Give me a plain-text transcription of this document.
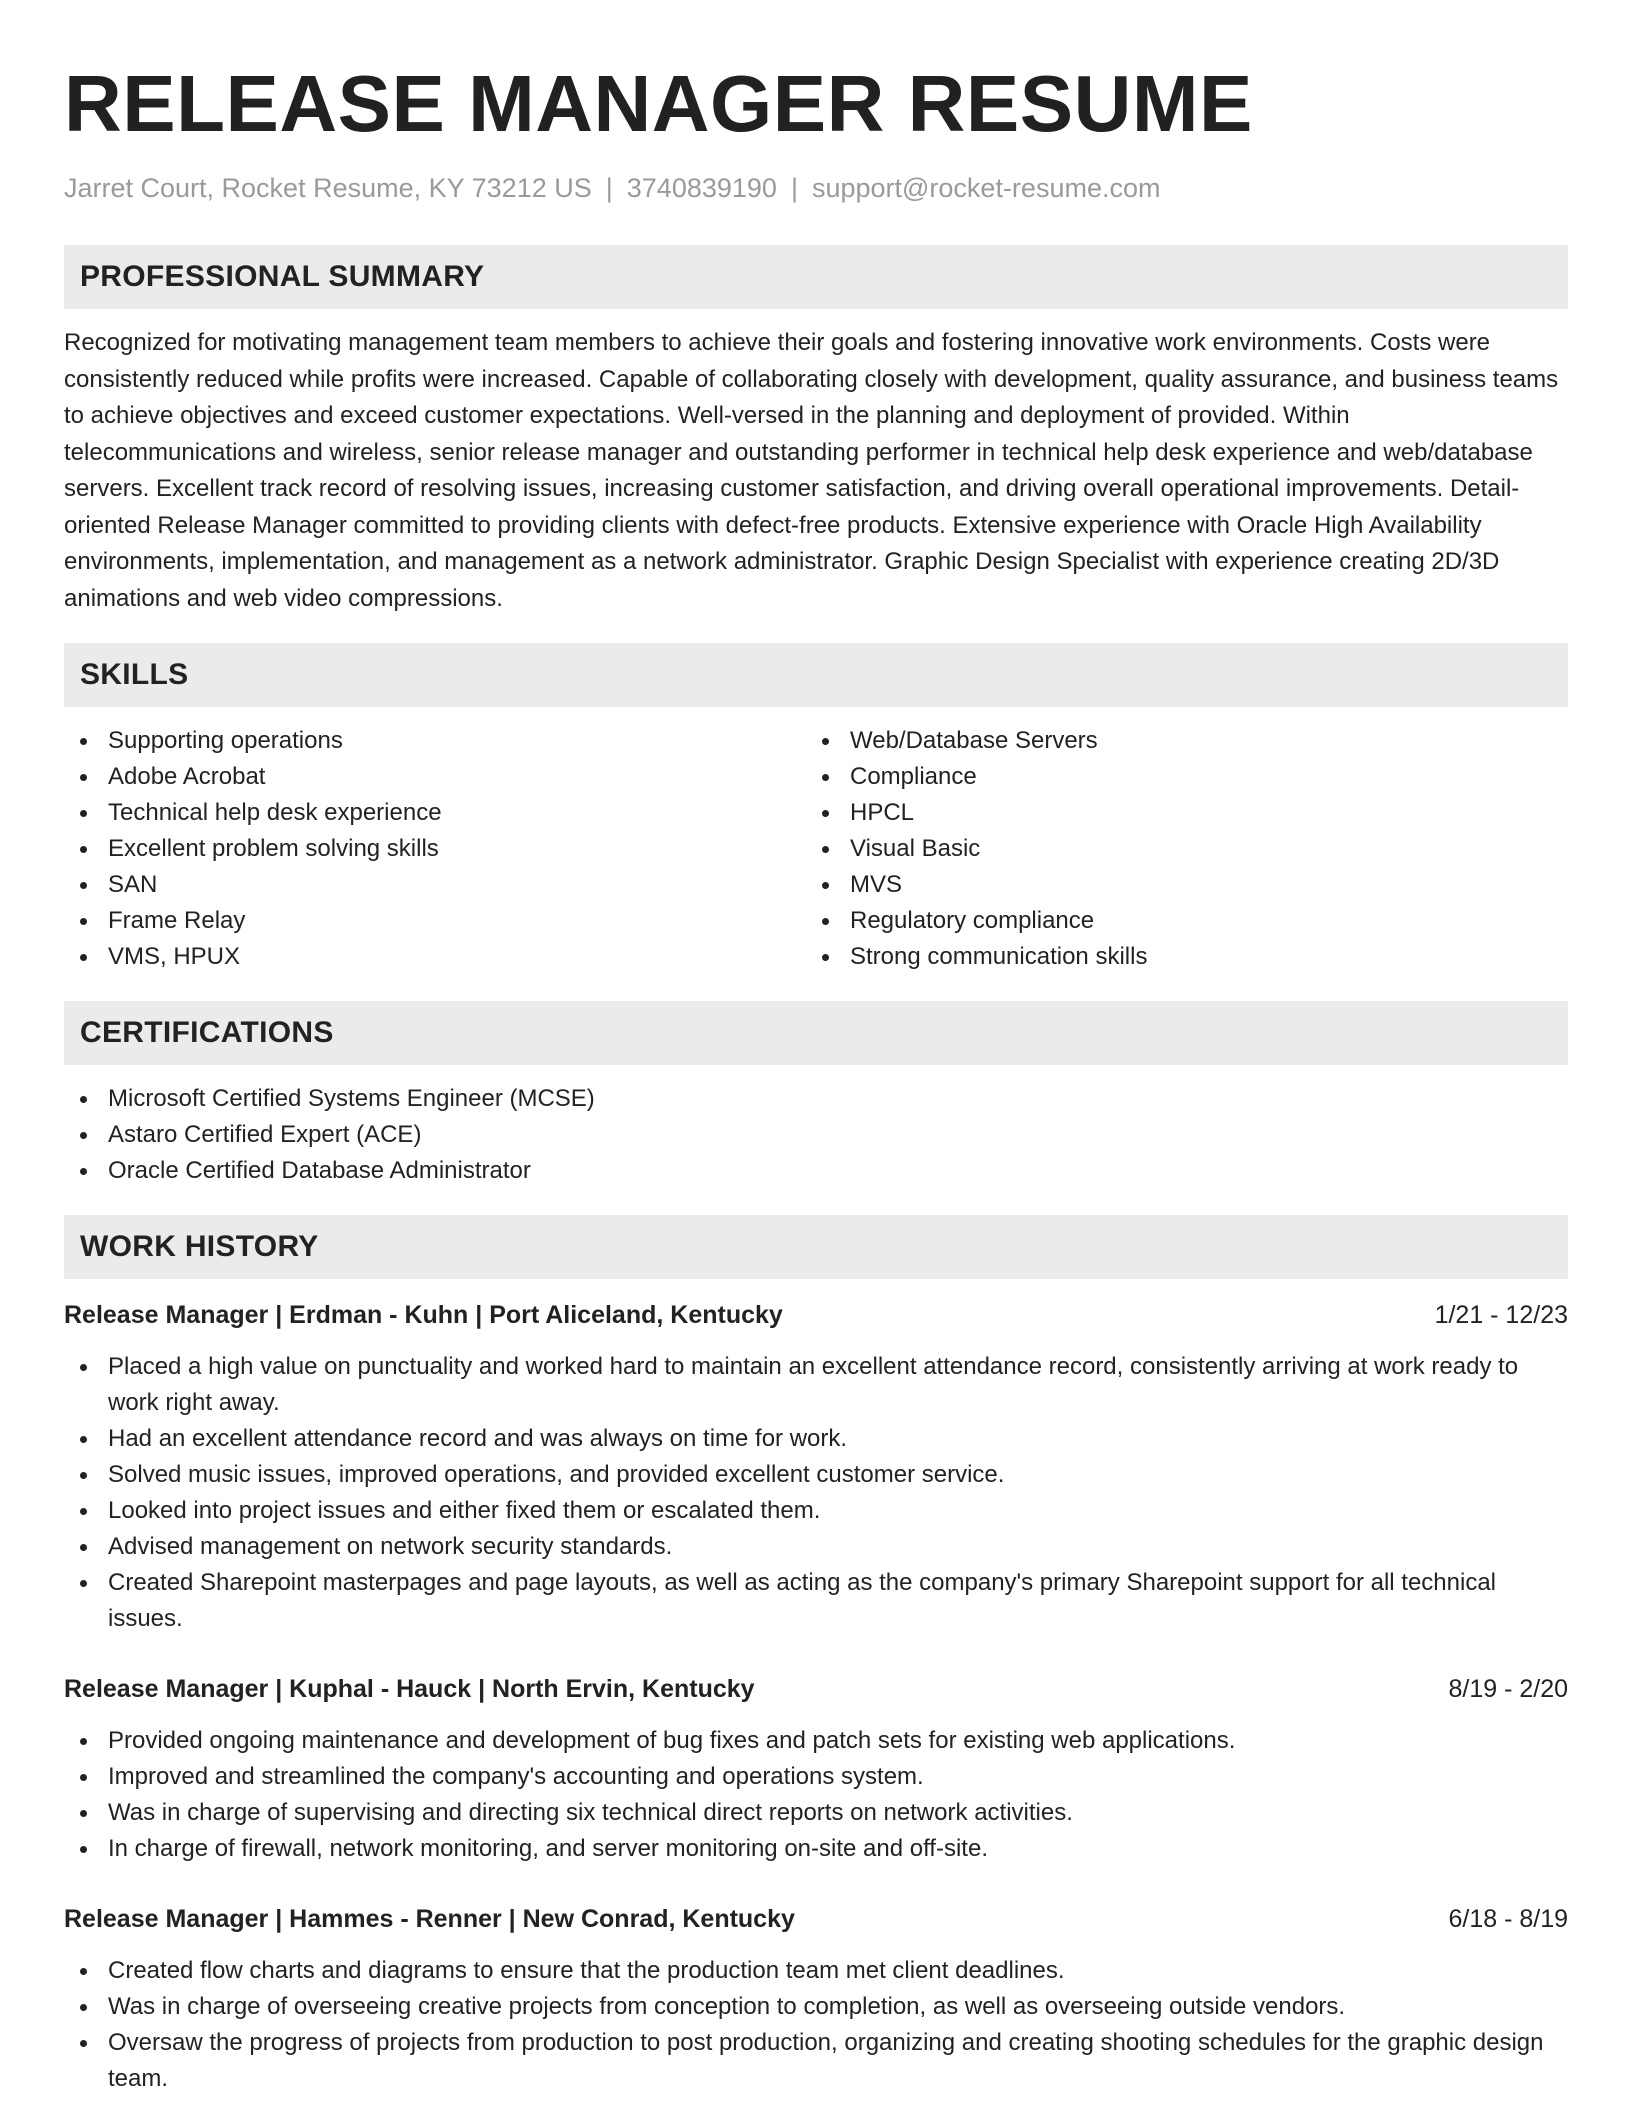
RELEASE MANAGER RESUME
Jarret Court, Rocket Resume, KY 73212 US | 3740839190 | support@rocket-resume.com
PROFESSIONAL SUMMARY
Recognized for motivating management team members to achieve their goals and fostering innovative work environments. Costs were consistently reduced while profits were increased. Capable of collaborating closely with development, quality assurance, and business teams to achieve objectives and exceed customer expectations. Well-versed in the planning and deployment of provided. Within telecommunications and wireless, senior release manager and outstanding performer in technical help desk experience and web/database servers. Excellent track record of resolving issues, increasing customer satisfaction, and driving overall operational improvements. Detail-oriented Release Manager committed to providing clients with defect-free products. Extensive experience with Oracle High Availability environments, implementation, and management as a network administrator. Graphic Design Specialist with experience creating 2D/3D animations and web video compressions.
SKILLS
Supporting operations
Adobe Acrobat
Technical help desk experience
Excellent problem solving skills
SAN
Frame Relay
VMS, HPUX
Web/Database Servers
Compliance
HPCL
Visual Basic
MVS
Regulatory compliance
Strong communication skills
CERTIFICATIONS
Microsoft Certified Systems Engineer (MCSE)
Astaro Certified Expert (ACE)
Oracle Certified Database Administrator
WORK HISTORY
Release Manager | Erdman - Kuhn | Port Aliceland, Kentucky	1/21 - 12/23
Placed a high value on punctuality and worked hard to maintain an excellent attendance record, consistently arriving at work ready to work right away.
Had an excellent attendance record and was always on time for work.
Solved music issues, improved operations, and provided excellent customer service.
Looked into project issues and either fixed them or escalated them.
Advised management on network security standards.
Created Sharepoint masterpages and page layouts, as well as acting as the company's primary Sharepoint support for all technical issues.
Release Manager | Kuphal - Hauck | North Ervin, Kentucky	8/19 - 2/20
Provided ongoing maintenance and development of bug fixes and patch sets for existing web applications.
Improved and streamlined the company's accounting and operations system.
Was in charge of supervising and directing six technical direct reports on network activities.
In charge of firewall, network monitoring, and server monitoring on-site and off-site.
Release Manager | Hammes - Renner | New Conrad, Kentucky	6/18 - 8/19
Created flow charts and diagrams to ensure that the production team met client deadlines.
Was in charge of overseeing creative projects from conception to completion, as well as overseeing outside vendors.
Oversaw the progress of projects from production to post production, organizing and creating shooting schedules for the graphic design team.
